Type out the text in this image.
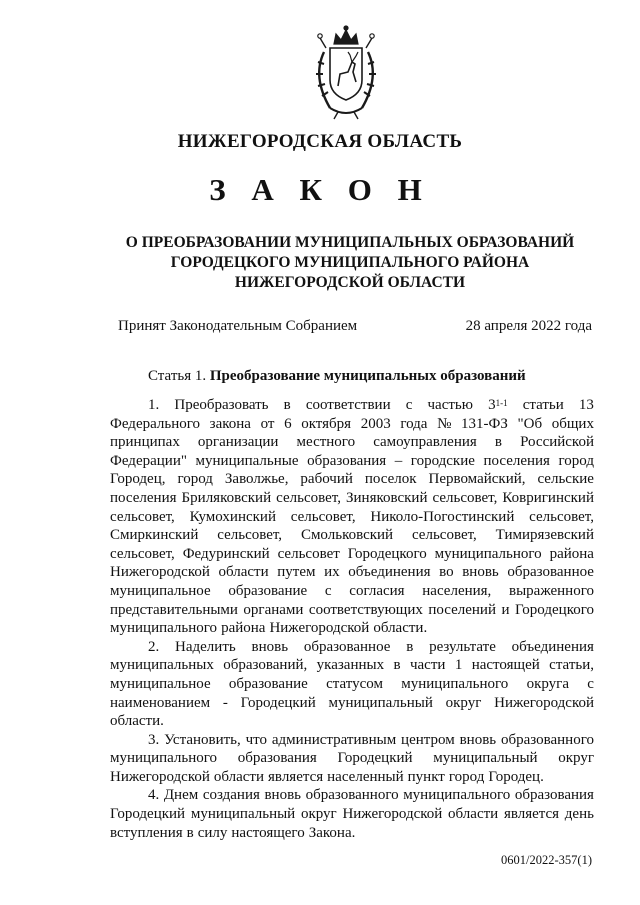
НИЖЕГОРОДСКАЯ ОБЛАСТЬ
З А К О Н
О ПРЕОБРАЗОВАНИИ МУНИЦИПАЛЬНЫХ ОБРАЗОВАНИЙ
ГОРОДЕЦКОГО МУНИЦИПАЛЬНОГО РАЙОНА
НИЖЕГОРОДСКОЙ ОБЛАСТИ
Принят Законодательным Собранием	28 апреля 2022 года
Статья 1. Преобразование муниципальных образований
1. Преобразовать в соответствии с частью 3$^{1-1}$ статьи 13
Федерального закона от 6 октября 2003 года № 131-ФЗ "Об общих
принципах организации местного самоуправления в Российской
Федерации" муниципальные образования – городские поселения город
Городец, город Заволжье, рабочий поселок Первомайский, сельские
поселения Бриляковский сельсовет, Зиняковский сельсовет, Ковригинский
сельсовет, Кумохинский сельсовет, Николо-Погостинский сельсовет,
Смиркинский сельсовет, Смольковский сельсовет, Тимирязевский
сельсовет, Федуринский сельсовет Городецкого муниципального района
Нижегородской области путем их объединения во вновь образованное
муниципальное образование с согласия населения, выраженного
представительными органами соответствующих поселений и Городецкого
муниципального района Нижегородской области.
2. Наделить вновь образованное в результате объединения
муниципальных образований, указанных в части 1 настоящей статьи,
муниципальное образование статусом муниципального округа с
наименованием - Городецкий муниципальный округ Нижегородской
области.
3. Установить, что административным центром вновь образованного
муниципального образования Городецкий муниципальный округ
Нижегородской области является населенный пункт город Городец.
4. Днем создания вновь образованного муниципального образования
Городецкий муниципальный округ Нижегородской области является день
вступления в силу настоящего Закона.
0601/2022-357(1)
